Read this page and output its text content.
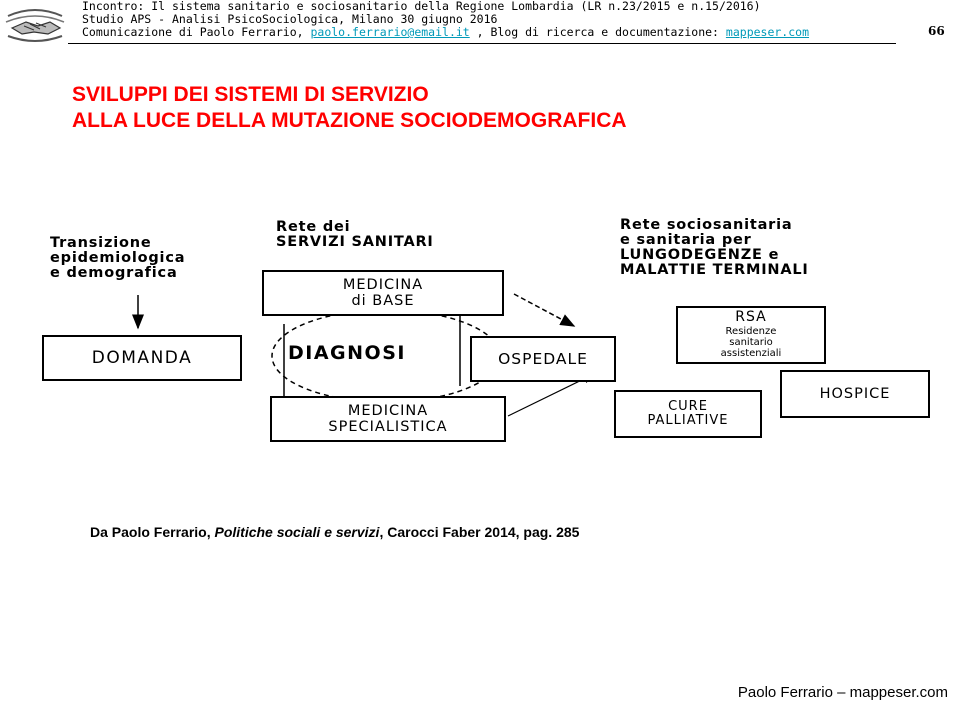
Incontro: Il sistema sanitario e sociosanitario della Regione Lombardia (LR n.23/2015 e n.15/2016)
Studio APS - Analisi PsicoSociologica, Milano 30 giugno 2016
Comunicazione di Paolo Ferrario, paolo.ferrario@email.it , Blog di ricerca e documentazione: mappeser.com	66
SVILUPPI DEI SISTEMI DI SERVIZIO
ALLA LUCE DELLA MUTAZIONE SOCIODEMOGRAFICA
Transizione
epidemiologica
e demografica
Rete dei
SERVIZI SANITARI
Rete sociosanitaria
e sanitaria per
LUNGODEGENZE e
MALATTIE TERMINALI
DOMANDA
MEDICINA
di BASE
DIAGNOSI	OSPEDALE
MEDICINA
SPECIALISTICA
RSA
Residenze
sanitario
assistenziali
HOSPICE
CURE
PALLIATIVE
Da Paolo Ferrario, Politiche sociali e servizi, Carocci Faber 2014, pag. 285
Paolo Ferrario – mappeser.com
